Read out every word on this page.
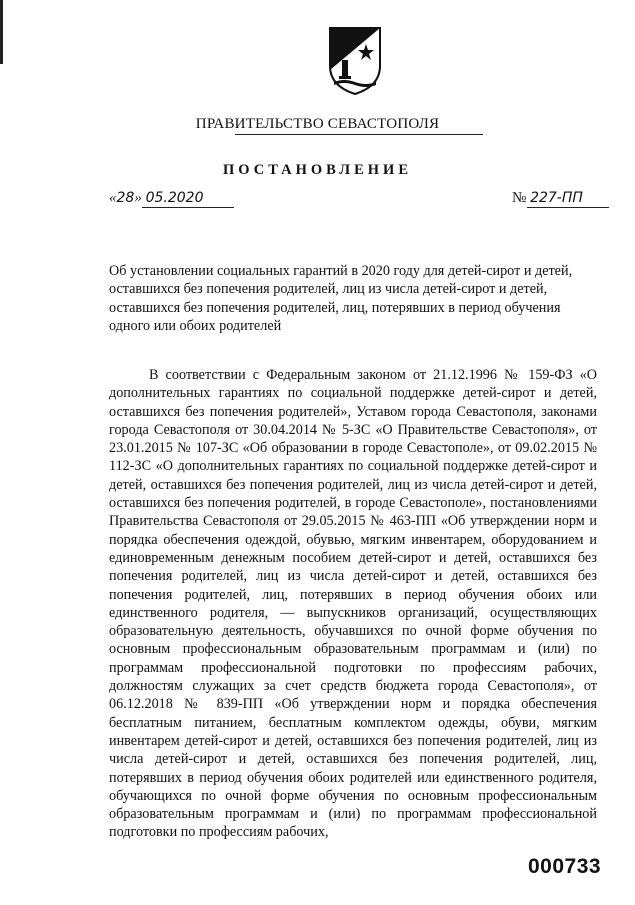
ПРАВИТЕЛЬСТВО СЕВАСТОПОЛЯ
ПОСТАНОВЛЕНИЕ
«28» 05.2020	№ 227-ПП
Об установлении социальных гарантий в 2020 году для детей-сирот и детей, оставшихся без попечения родителей, лиц из числа детей-сирот и детей, оставшихся без попечения родителей, лиц, потерявших в период обучения одного или обоих родителей
В соответствии с Федеральным законом от 21.12.1996 № 159-ФЗ «О дополнительных гарантиях по социальной поддержке детей-сирот и детей, оставшихся без попечения родителей», Уставом города Севастополя, законами города Севастополя от 30.04.2014 № 5-ЗС «О Правительстве Севастополя», от 23.01.2015 № 107-ЗС «Об образовании в городе Севастополе», от 09.02.2015 № 112-ЗС «О дополнительных гарантиях по социальной поддержке детей-сирот и детей, оставшихся без попечения родителей, лиц из числа детей-сирот и детей, оставшихся без попечения родителей, в городе Севастополе», постановлениями Правительства Севастополя от 29.05.2015 № 463-ПП «Об утверждении норм и порядка обеспечения одеждой, обувью, мягким инвентарем, оборудованием и единовременным денежным пособием детей-сирот и детей, оставшихся без попечения родителей, лиц из числа детей-сирот и детей, оставшихся без попечения родителей, лиц, потерявших в период обучения обоих или единственного родителя, — выпускников организаций, осуществляющих образовательную деятельность, обучавшихся по очной форме обучения по основным профессиональным образовательным программам и (или) по программам профессиональной подготовки по профессиям рабочих, должностям служащих за счет средств бюджета города Севастополя», от 06.12.2018 № 839-ПП «Об утверждении норм и порядка обеспечения бесплатным питанием, бесплатным комплектом одежды, обуви, мягким инвентарем детей-сирот и детей, оставшихся без попечения родителей, лиц из числа детей-сирот и детей, оставшихся без попечения родителей, лиц, потерявших в период обучения обоих родителей или единственного родителя, обучающихся по очной форме обучения по основным профессиональным образовательным программам и (или) по программам профессиональной подготовки по профессиям рабочих,
000733
